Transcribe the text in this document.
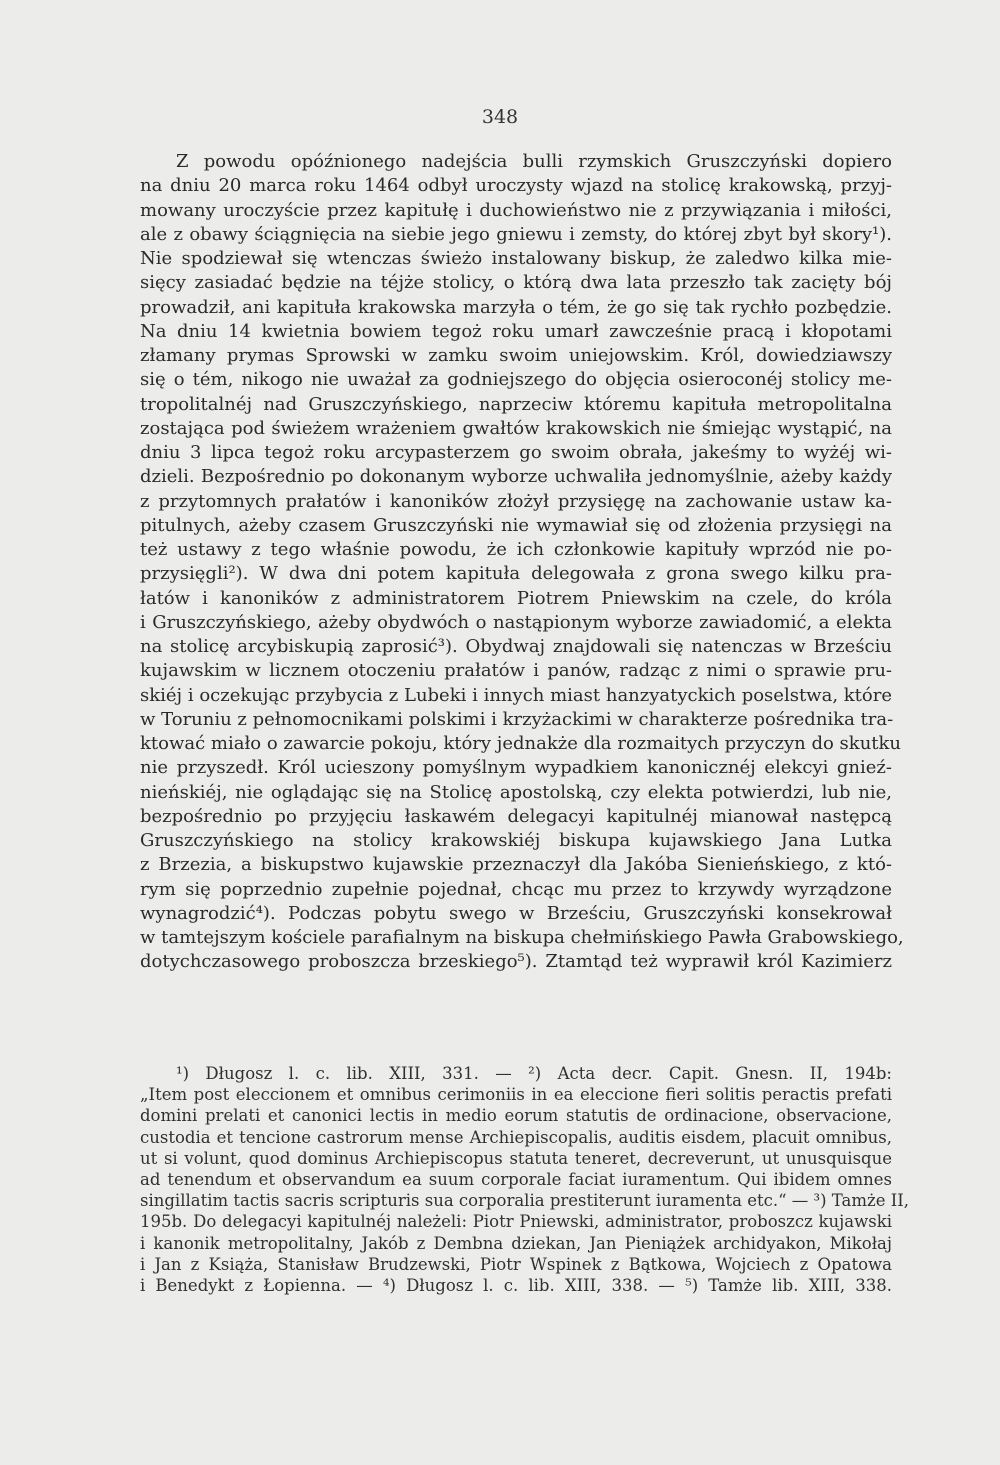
348
Z powodu opóźnionego nadejścia bulli rzymskich Gruszczyński dopiero
na dniu 20 marca roku 1464 odbył uroczysty wjazd na stolicę krakowską, przyj-
mowany uroczyście przez kapitułę i duchowieństwo nie z przywiązania i miłości,
ale z obawy ściągnięcia na siebie jego gniewu i zemsty, do której zbyt był skory¹).
Nie spodziewał się wtenczas świeżo instalowany biskup, że zaledwo kilka mie-
sięcy zasiadać będzie na téjże stolicy, o którą dwa lata przeszło tak zacięty bój
prowadził, ani kapituła krakowska marzyła o tém, że go się tak rychło pozbędzie.
Na dniu 14 kwietnia bowiem tegoż roku umarł zawcześnie pracą i kłopotami
złamany prymas Sprowski w zamku swoim uniejowskim. Król, dowiedziawszy
się o tém, nikogo nie uważał za godniejszego do objęcia osieroconéj stolicy me-
tropolitalnéj nad Gruszczyńskiego, naprzeciw któremu kapituła metropolitalna
zostająca pod świeżem wrażeniem gwałtów krakowskich nie śmiejąc wystąpić, na
dniu 3 lipca tegoż roku arcypasterzem go swoim obrała, jakeśmy to wyżéj wi-
dzieli. Bezpośrednio po dokonanym wyborze uchwaliła jednomyślnie, ażeby każdy
z przytomnych prałatów i kanoników złożył przysięgę na zachowanie ustaw ka-
pitulnych, ażeby czasem Gruszczyński nie wymawiał się od złożenia przysięgi na
też ustawy z tego właśnie powodu, że ich członkowie kapituły wprzód nie po-
przysięgli²). W dwa dni potem kapituła delegowała z grona swego kilku pra-
łatów i kanoników z administratorem Piotrem Pniewskim na czele, do króla
i Gruszczyńskiego, ażeby obydwóch o nastąpionym wyborze zawiadomić, a elekta
na stolicę arcybiskupią zaprosić³). Obydwaj znajdowali się natenczas w Brześciu
kujawskim w licznem otoczeniu prałatów i panów, radząc z nimi o sprawie pru-
skiéj i oczekując przybycia z Lubeki i innych miast hanzyatyckich poselstwa, które
w Toruniu z pełnomocnikami polskimi i krzyżackimi w charakterze pośrednika tra-
ktować miało o zawarcie pokoju, który jednakże dla rozmaitych przyczyn do skutku
nie przyszedł. Król ucieszony pomyślnym wypadkiem kanonicznéj elekcyi gnieź-
nieńskiéj, nie oglądając się na Stolicę apostolską, czy elekta potwierdzi, lub nie,
bezpośrednio po przyjęciu łaskawém delegacyi kapitulnéj mianował następcą
Gruszczyńskiego na stolicy krakowskiéj biskupa kujawskiego Jana Lutka
z Brzezia, a biskupstwo kujawskie przeznaczył dla Jakóba Sienieńskiego, z któ-
rym się poprzednio zupełnie pojednał, chcąc mu przez to krzywdy wyrządzone
wynagrodzić⁴). Podczas pobytu swego w Brześciu, Gruszczyński konsekrował
w tamtejszym kościele parafialnym na biskupa chełmińskiego Pawła Grabowskiego,
dotychczasowego proboszcza brzeskiego⁵). Ztamtąd też wyprawił król Kazimierz
¹) Długosz l. c. lib. XIII, 331. — ²) Acta decr. Capit. Gnesn. II, 194b:
„Item post eleccionem et omnibus cerimoniis in ea eleccione fieri solitis peractis prefati
domini prelati et canonici lectis in medio eorum statutis de ordinacione, observacione,
custodia et tencione castrorum mense Archiepiscopalis, auditis eisdem, placuit omnibus,
ut si volunt, quod dominus Archiepiscopus statuta teneret, decreverunt, ut unusquisque
ad tenendum et observandum ea suum corporale faciat iuramentum. Qui ibidem omnes
singillatim tactis sacris scripturis sua corporalia prestiterunt iuramenta etc.“ — ³) Tamże II,
195b. Do delegacyi kapitulnéj należeli: Piotr Pniewski, administrator, proboszcz kujawski
i kanonik metropolitalny, Jakób z Dembna dziekan, Jan Pieniążek archidyakon, Mikołaj
i Jan z Książa, Stanisław Brudzewski, Piotr Wspinek z Bątkowa, Wojciech z Opatowa
i Benedykt z Łopienna. — ⁴) Długosz l. c. lib. XIII, 338. — ⁵) Tamże lib. XIII, 338.
